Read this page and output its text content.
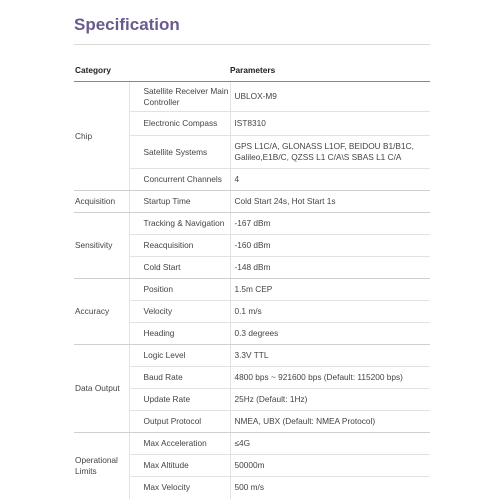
Specification
Category		Parameters
Chip	Satellite Receiver Main Controller	UBLOX-M9
	Electronic Compass	IST8310
	Satellite Systems	GPS L1C/A, GLONASS L1OF, BEIDOU B1/B1C, Galileo,E1B/C, QZSS L1 C/A\S SBAS L1 C/A
	Concurrent Channels	4
Acquisition	Startup Time	Cold Start 24s, Hot Start 1s
Sensitivity	Tracking & Navigation	-167 dBm
	Reacquisition	-160 dBm
	Cold Start	-148 dBm
Accuracy	Position	1.5m CEP
	Velocity	0.1 m/s
	Heading	0.3 degrees
Data Output	Logic Level	3.3V TTL
	Baud Rate	4800 bps ~ 921600 bps (Default: 115200 bps)
	Update Rate	25Hz (Default: 1Hz)
	Output Protocol	NMEA, UBX (Default: NMEA Protocol)
Operational Limits	Max Acceleration	≤4G
	Max Altitude	50000m
	Max Velocity	500 m/s
